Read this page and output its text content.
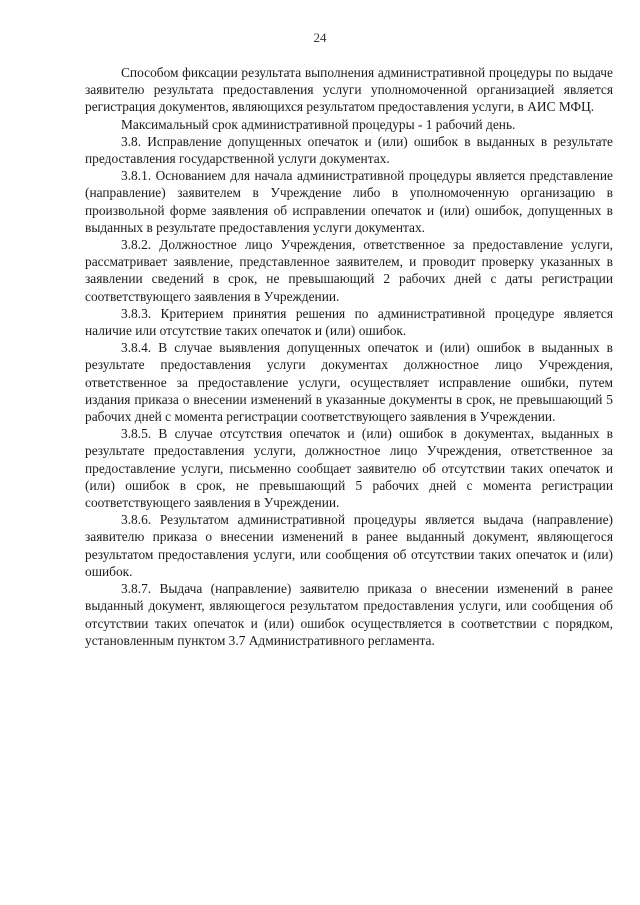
24

Способом фиксации результата выполнения административной процедуры по выдаче заявителю результата предоставления услуги уполномоченной организацией является регистрация документов, являющихся результатом предоставления услуги, в АИС МФЦ.

Максимальный срок административной процедуры - 1 рабочий день.

3.8. Исправление допущенных опечаток и (или) ошибок в выданных в результате предоставления государственной услуги документах.

3.8.1. Основанием для начала административной процедуры является представление (направление) заявителем в Учреждение либо в уполномоченную организацию в произвольной форме заявления об исправлении опечаток и (или) ошибок, допущенных в выданных в результате предоставления услуги документах.

3.8.2. Должностное лицо Учреждения, ответственное за предоставление услуги, рассматривает заявление, представленное заявителем, и проводит проверку указанных в заявлении сведений в срок, не превышающий 2 рабочих дней с даты регистрации соответствующего заявления в Учреждении.

3.8.3. Критерием принятия решения по административной процедуре является наличие или отсутствие таких опечаток и (или) ошибок.

3.8.4. В случае выявления допущенных опечаток и (или) ошибок в выданных в результате предоставления услуги документах должностное лицо Учреждения, ответственное за предоставление услуги, осуществляет исправление ошибки, путем издания приказа о внесении изменений в указанные документы в срок, не превышающий 5 рабочих дней с момента регистрации соответствующего заявления в Учреждении.

3.8.5. В случае отсутствия опечаток и (или) ошибок в документах, выданных в результате предоставления услуги, должностное лицо Учреждения, ответственное за предоставление услуги, письменно сообщает заявителю об отсутствии таких опечаток и (или) ошибок в срок, не превышающий 5 рабочих дней с момента регистрации соответствующего заявления в Учреждении.

3.8.6. Результатом административной процедуры является выдача (направление) заявителю приказа о внесении изменений в ранее выданный документ, являющегося результатом предоставления услуги, или сообщения об отсутствии таких опечаток и (или) ошибок.

3.8.7. Выдача (направление) заявителю приказа о внесении изменений в ранее выданный документ, являющегося результатом предоставления услуги, или сообщения об отсутствии таких опечаток и (или) ошибок осуществляется в соответствии с порядком, установленным пунктом 3.7 Административного регламента.
